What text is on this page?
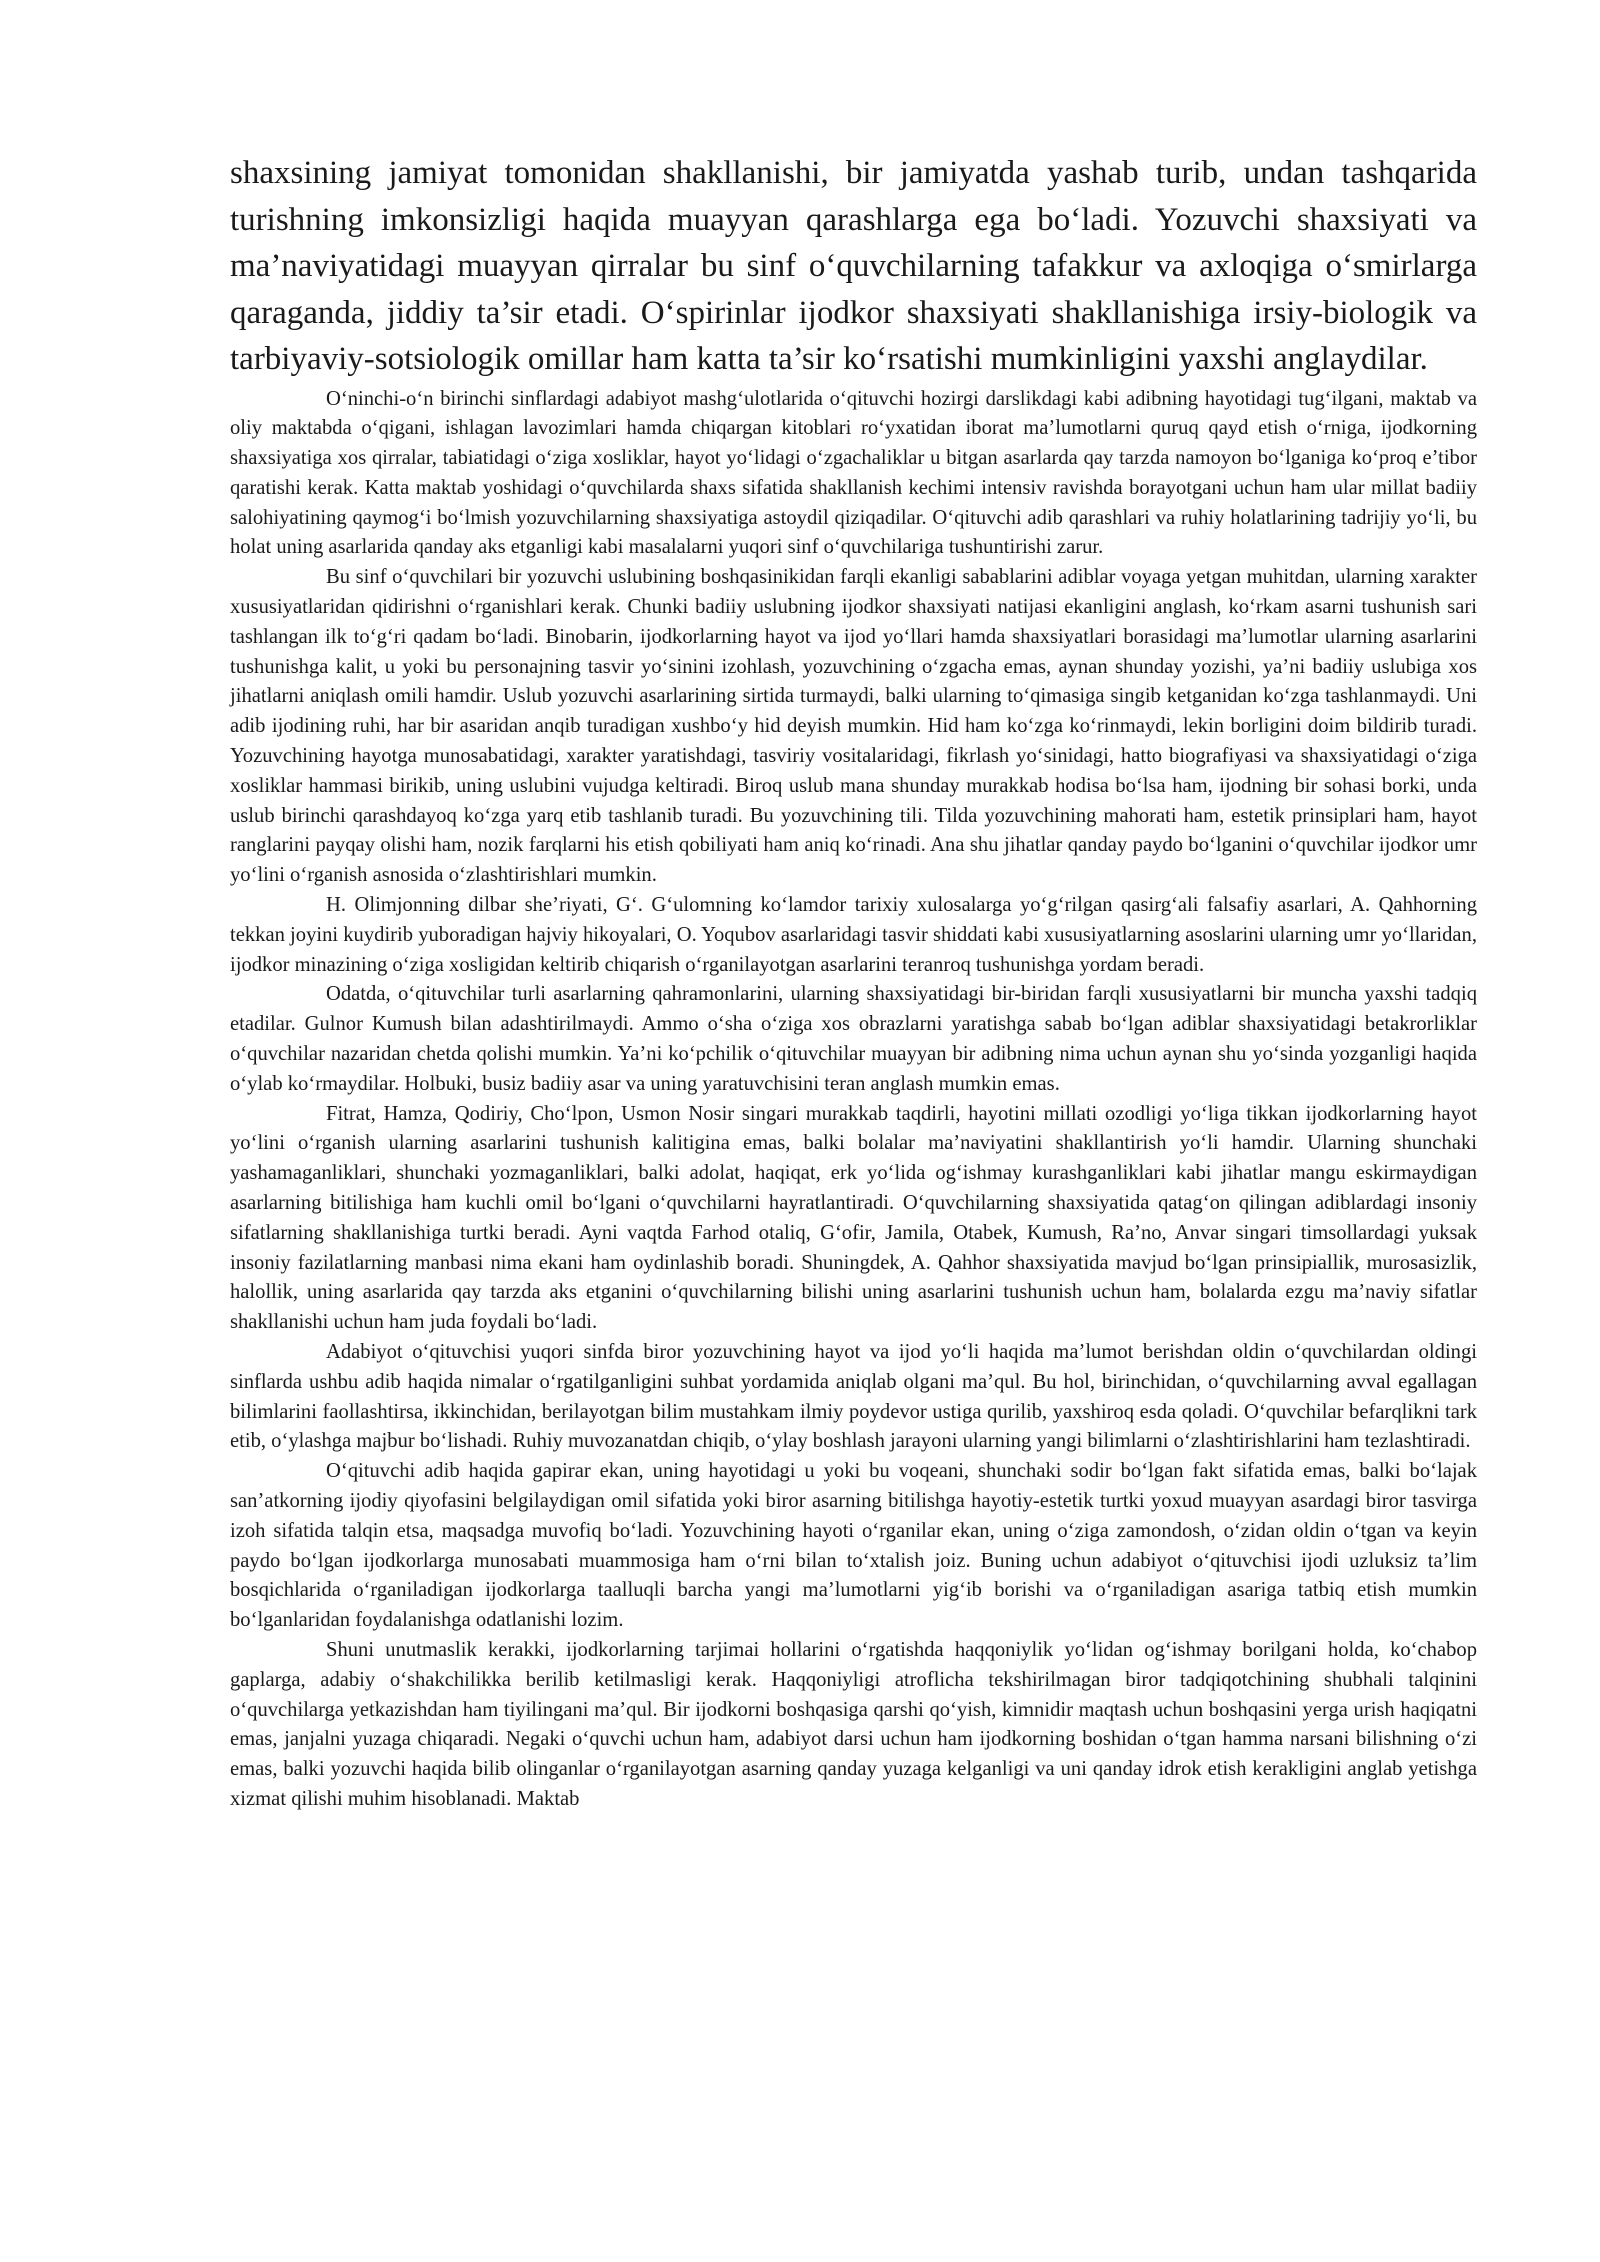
shaxsining jamiyat tomonidan shakllanishi, bir jamiyatda yashab turib, undan tashqarida turishning imkonsizligi haqida muayyan qarashlarga ega bo‘ladi. Yozuvchi shaxsiyati va ma’naviyatidagi muayyan qirralar bu sinf o‘quvchilarning tafakkur va axloqiga o‘smirlarga qaraganda, jiddiy ta’sir etadi. O‘spirinlar ijodkor shaxsiyati shakllanishiga irsiy-biologik va tarbiyaviy-sotsiologik omillar ham katta ta’sir ko‘rsatishi mumkinligini yaxshi anglaydilar.

O‘ninchi-o‘n birinchi sinflardagi adabiyot mashg‘ulotlarida o‘qituvchi hozirgi darslikdagi kabi adibning hayotidagi tug‘ilgani, maktab va oliy maktabda o‘qigani, ishlagan lavozimlari hamda chiqargan kitoblari ro‘yxatidan iborat ma’lumotlarni quruq qayd etish o‘rniga, ijodkorning shaxsiyatiga xos qirralar, tabiatidagi o‘ziga xosliklar, hayot yo‘lidagi o‘zgachaliklar u bitgan asarlarda qay tarzda namoyon bo‘lganiga ko‘proq e’tibor qaratishi kerak. Katta maktab yoshidagi o‘quvchilarda shaxs sifatida shakllanish kechimi intensiv ravishda borayotgani uchun ham ular millat badiiy salohiyatining qaymog‘i bo‘lmish yozuvchilarning shaxsiyatiga astoydil qiziqadilar. O‘qituvchi adib qarashlari va ruhiy holatlarining tadrijiy yo‘li, bu holat uning asarlarida qanday aks etganligi kabi masalalarni yuqori sinf o‘quvchilariga tushuntirishi zarur.

Bu sinf o‘quvchilari bir yozuvchi uslubining boshqasinikidan farqli ekanligi sabablarini adiblar voyaga yetgan muhitdan, ularning xarakter xususiyatlaridan qidirishni o‘rganishlari kerak. Chunki badiiy uslubning ijodkor shaxsiyati natijasi ekanligini anglash, ko‘rkam asarni tushunish sari tashlangan ilk to‘g‘ri qadam bo‘ladi. Binobarin, ijodkorlarning hayot va ijod yo‘llari hamda shaxsiyatlari borasidagi ma’lumotlar ularning asarlarini tushunishga kalit, u yoki bu personajning tasvir yo‘sinini izohlash, yozuvchining o‘zgacha emas, aynan shunday yozishi, ya’ni badiiy uslubiga xos jihatlarni aniqlash omili hamdir. Uslub yozuvchi asarlarining sirtida turmaydi, balki ularning to‘qimasiga singib ketganidan ko‘zga tashlanmaydi. Uni adib ijodining ruhi, har bir asaridan anqib turadigan xushbo‘y hid deyish mumkin. Hid ham ko‘zga ko‘rinmaydi, lekin borligini doim bildirib turadi. Yozuvchining hayotga munosabatidagi, xarakter yaratishdagi, tasviriy vositalaridagi, fikrlash yo‘sinidagi, hatto biografiyasi va shaxsiyatidagi o‘ziga xosliklar hammasi birikib, uning uslubini vujudga keltiradi. Biroq uslub mana shunday murakkab hodisa bo‘lsa ham, ijodning bir sohasi borki, unda uslub birinchi qarashdayoq ko‘zga yarq etib tashlanib turadi. Bu yozuvchining tili. Tilda yozuvchining mahorati ham, estetik prinsiplari ham, hayot ranglarini payqay olishi ham, nozik farqlarni his etish qobiliyati ham aniq ko‘rinadi. Ana shu jihatlar qanday paydo bo‘lganini o‘quvchilar ijodkor umr yo‘lini o‘rganish asnosida o‘zlashtirishlari mumkin.

H. Olimjonning dilbar she’riyati, G‘. G‘ulomning ko‘lamdor tarixiy xulosalarga yo‘g‘rilgan qasirg‘ali falsafiy asarlari, A. Qahhorning tekkan joyini kuydirib yuboradigan hajviy hikoyalari, O. Yoqubov asarlaridagi tasvir shiddati kabi xususiyatlarning asoslarini ularning umr yo‘llaridan, ijodkor minazining o‘ziga xosligidan keltirib chiqarish o‘rganilayotgan asarlarini teranroq tushunishga yordam beradi.

Odatda, o‘qituvchilar turli asarlarning qahramonlarini, ularning shaxsiyatidagi bir-biridan farqli xususiyatlarni bir muncha yaxshi tadqiq etadilar. Gulnor Kumush bilan adashtirilmaydi. Ammo o‘sha o‘ziga xos obrazlarni yaratishga sabab bo‘lgan adiblar shaxsiyatidagi betakrorliklar o‘quvchilar nazaridan chetda qolishi mumkin. Ya’ni ko‘pchilik o‘qituvchilar muayyan bir adibning nima uchun aynan shu yo‘sinda yozganligi haqida o‘ylab ko‘rmaydilar. Holbuki, busiz badiiy asar va uning yaratuvchisini teran anglash mumkin emas.

Fitrat, Hamza, Qodiriy, Cho‘lpon, Usmon Nosir singari murakkab taqdirli, hayotini millati ozodligi yo‘liga tikkan ijodkorlarning hayot yo‘lini o‘rganish ularning asarlarini tushunish kalitigina emas, balki bolalar ma’naviyatini shakllantirish yo‘li hamdir. Ularning shunchaki yashamaganliklari, shunchaki yozmaganliklari, balki adolat, haqiqat, erk yo‘lida og‘ishmay kurashganliklari kabi jihatlar mangu eskirmaydigan asarlarning bitilishiga ham kuchli omil bo‘lgani o‘quvchilarni hayratlantiradi. O‘quvchilarning shaxsiyatida qatag‘on qilingan adiblardagi insoniy sifatlarning shakllanishiga turtki beradi. Ayni vaqtda Farhod otaliq, G‘ofir, Jamila, Otabek, Kumush, Ra’no, Anvar singari timsollardagi yuksak insoniy fazilatlarning manbasi nima ekani ham oydinlashib boradi. Shuningdek, A. Qahhor shaxsiyatida mavjud bo‘lgan prinsipiallik, murosasizlik, halollik, uning asarlarida qay tarzda aks etganini o‘quvchilarning bilishi uning asarlarini tushunish uchun ham, bolalarda ezgu ma’naviy sifatlar shakllanishi uchun ham juda foydali bo‘ladi.

Adabiyot o‘qituvchisi yuqori sinfda biror yozuvchining hayot va ijod yo‘li haqida ma’lumot berishdan oldin o‘quvchilardan oldingi sinflarda ushbu adib haqida nimalar o‘rgatilganligini suhbat yordamida aniqlab olgani ma’qul. Bu hol, birinchidan, o‘quvchilarning avval egallagan bilimlarini faollashtirsa, ikkinchidan, berilayotgan bilim mustahkam ilmiy poydevor ustiga qurilib, yaxshiroq esda qoladi. O‘quvchilar befarqlikni tark etib, o‘ylashga majbur bo‘lishadi. Ruhiy muvozanatdan chiqib, o‘ylay boshlash jarayoni ularning yangi bilimlarni o‘zlashtirishlarini ham tezlashtiradi.

O‘qituvchi adib haqida gapirar ekan, uning hayotidagi u yoki bu voqeani, shunchaki sodir bo‘lgan fakt sifatida emas, balki bo‘lajak san’atkorning ijodiy qiyofasini belgilaydigan omil sifatida yoki biror asarning bitilishga hayotiy-estetik turtki yoxud muayyan asardagi biror tasvirga izoh sifatida talqin etsa, maqsadga muvofiq bo‘ladi. Yozuvchining hayoti o‘rganilar ekan, uning o‘ziga zamondosh, o‘zidan oldin o‘tgan va keyin paydo bo‘lgan ijodkorlarga munosabati muammosiga ham o‘rni bilan to‘xtalish joiz. Buning uchun adabiyot o‘qituvchisi ijodi uzluksiz ta’lim bosqichlarida o‘rganiladigan ijodkorlarga taalluqli barcha yangi ma’lumotlarni yig‘ib borishi va o‘rganiladigan asariga tatbiq etish mumkin bo‘lganlaridan foydalanishga odatlanishi lozim.

Shuni unutmaslik kerakki, ijodkorlarning tarjimai hollarini o‘rgatishda haqqoniylik yo‘lidan og‘ishmay borilgani holda, ko‘chabop gaplarga, adabiy o‘shakchilikka berilib ketilmasligi kerak. Haqqoniyligi atroflicha tekshirilmagan biror tadqiqotchining shubhali talqinini o‘quvchilarga yetkazishdan ham tiyilingani ma’qul. Bir ijodkorni boshqasiga qarshi qo‘yish, kimnidir maqtash uchun boshqasini yerga urish haqiqatni emas, janjalni yuzaga chiqaradi. Negaki o‘quvchi uchun ham, adabiyot darsi uchun ham ijodkorning boshidan o‘tgan hamma narsani bilishning o‘zi emas, balki yozuvchi haqida bilib olinganlar o‘rganilayotgan asarning qanday yuzaga kelganligi va uni qanday idrok etish kerakligini anglab yetishga xizmat qilishi muhim hisoblanadi. Maktab
